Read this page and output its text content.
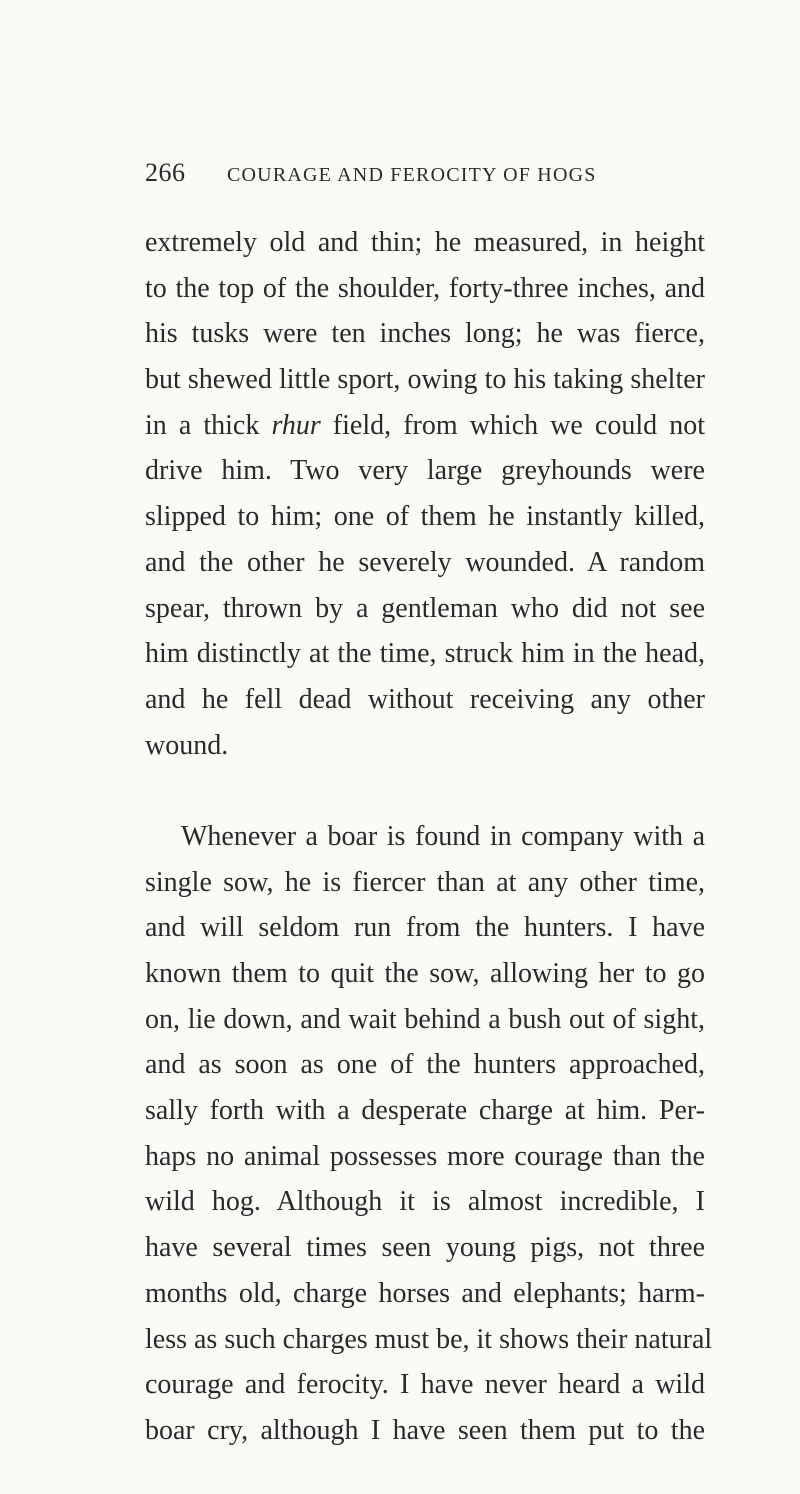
266 COURAGE AND FEROCITY OF HOGS
extremely old and thin; he measured, in height
to the top of the shoulder, forty-three inches, and
his tusks were ten inches long; he was fierce,
but shewed little sport, owing to his taking shelter
in a thick rhur field, from which we could not
drive him. Two very large greyhounds were
slipped to him; one of them he instantly killed,
and the other he severely wounded. A random
spear, thrown by a gentleman who did not see
him distinctly at the time, struck him in the head,
and he fell dead without receiving any other
wound.
Whenever a boar is found in company with a
single sow, he is fiercer than at any other time,
and will seldom run from the hunters. I have
known them to quit the sow, allowing her to go
on, lie down, and wait behind a bush out of sight,
and as soon as one of the hunters approached,
sally forth with a desperate charge at him. Per-
haps no animal possesses more courage than the
wild hog. Although it is almost incredible, I
have several times seen young pigs, not three
months old, charge horses and elephants; harm-
less as such charges must be, it shows their natural
courage and ferocity. I have never heard a wild
boar cry, although I have seen them put to the
